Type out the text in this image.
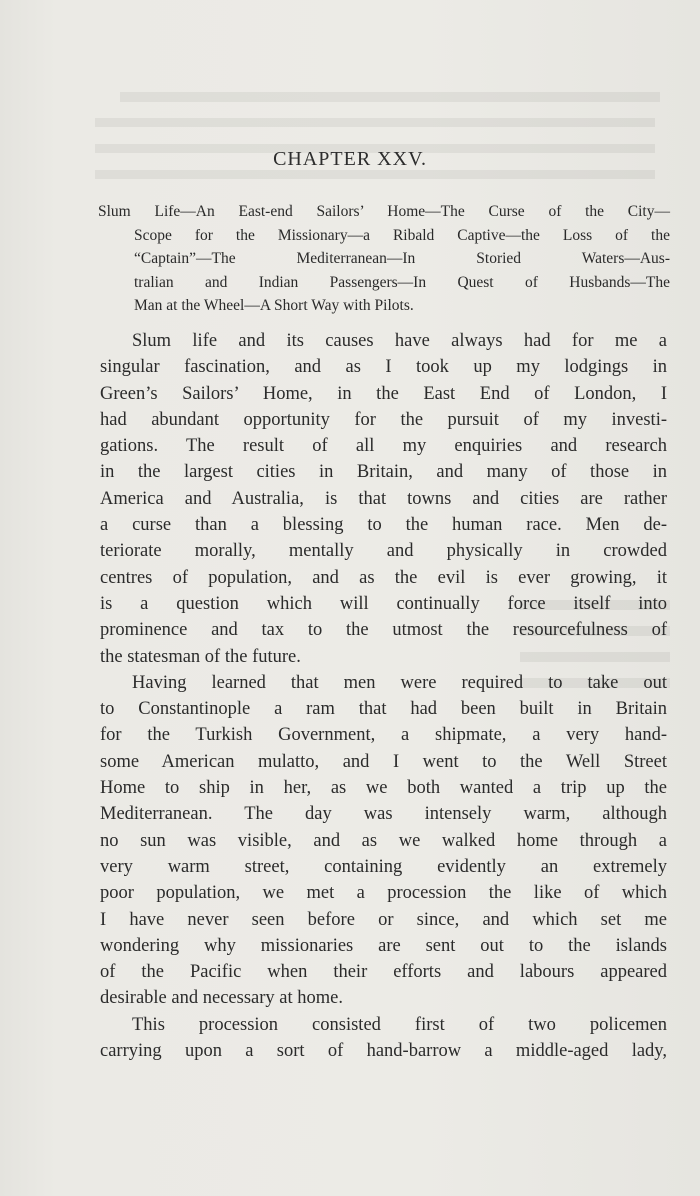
CHAPTER XXV.
Slum Life—An East-end Sailors’ Home—The Curse of the City—
Scope for the Missionary—a Ribald Captive—the Loss of the
“Captain”—The Mediterranean—In Storied Waters—Aus-
tralian and Indian Passengers—In Quest of Husbands—The
Man at the Wheel—A Short Way with Pilots.
Slum life and its causes have always had for me a
singular fascination, and as I took up my lodgings in
Green’s Sailors’ Home, in the East End of London, I
had abundant opportunity for the pursuit of my investi-
gations. The result of all my enquiries and research
in the largest cities in Britain, and many of those in
America and Australia, is that towns and cities are rather
a curse than a blessing to the human race. Men de-
teriorate morally, mentally and physically in crowded
centres of population, and as the evil is ever growing, it
is a question which will continually force itself into
prominence and tax to the utmost the resourcefulness of
the statesman of the future.
Having learned that men were required to take out
to Constantinople a ram that had been built in Britain
for the Turkish Government, a shipmate, a very hand-
some American mulatto, and I went to the Well Street
Home to ship in her, as we both wanted a trip up the
Mediterranean. The day was intensely warm, although
no sun was visible, and as we walked home through a
very warm street, containing evidently an extremely
poor population, we met a procession the like of which
I have never seen before or since, and which set me
wondering why missionaries are sent out to the islands
of the Pacific when their efforts and labours appeared
desirable and necessary at home.
This procession consisted first of two policemen
carrying upon a sort of hand-barrow a middle-aged lady,
